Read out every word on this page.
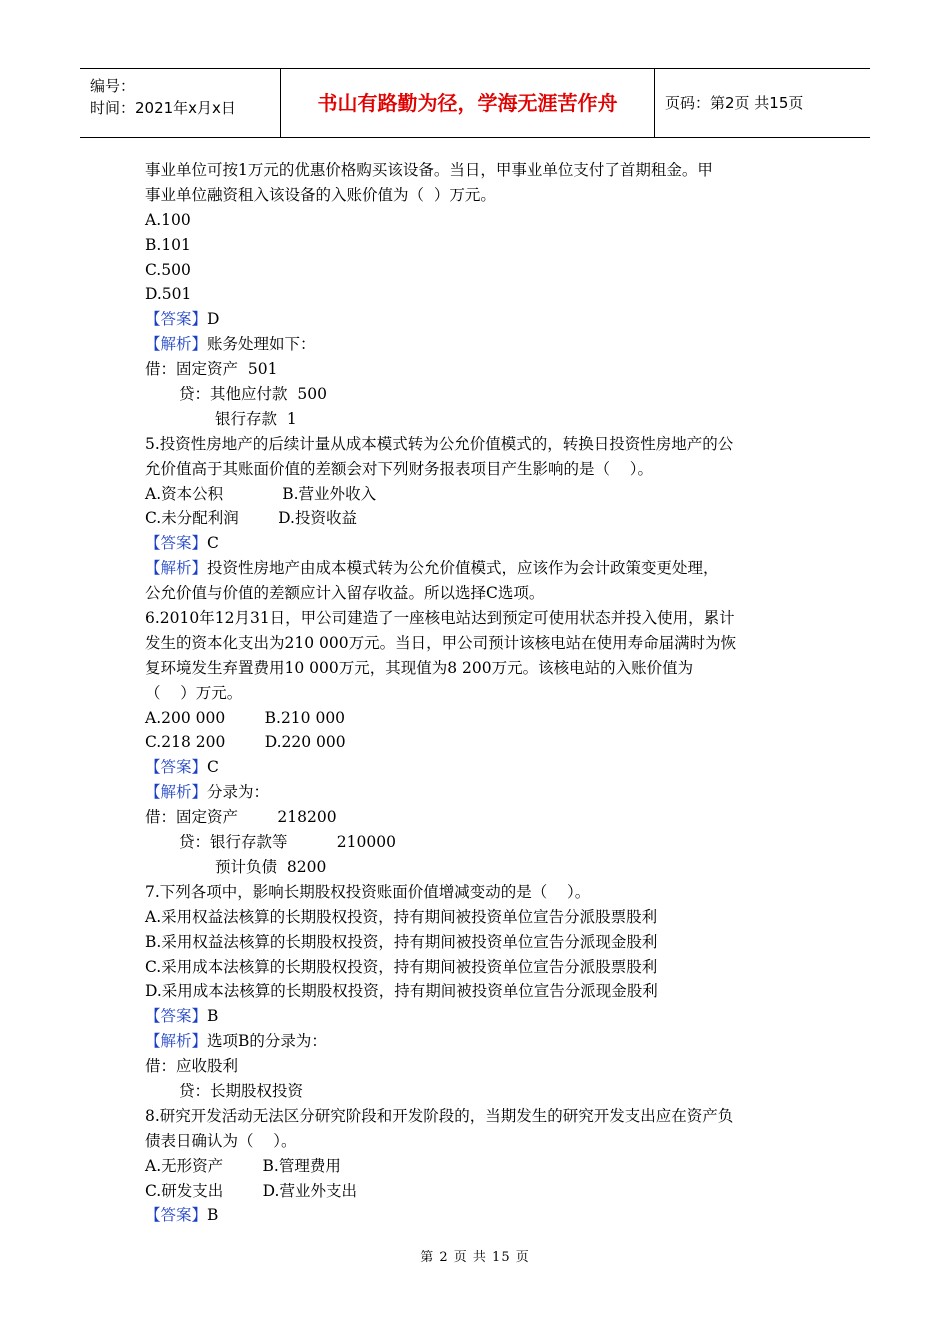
编号：
时间：2021年x月x日	书山有路勤为径，学海无涯苦作舟	页码：第2页 共15页
事业单位可按1万元的优惠价格购买该设备。当日，甲事业单位支付了首期租金。甲
事业单位融资租入该设备的入账价值为（  ）万元。
A.100
B.101
C.500
D.501
【答案】D
【解析】账务处理如下：
借：固定资产  501
贷：其他应付款  500
银行存款  1
5.投资性房地产的后续计量从成本模式转为公允价值模式的，转换日投资性房地产的公
允价值高于其账面价值的差额会对下列财务报表项目产生影响的是（    ）。
A.资本公积            B.营业外收入
C.未分配利润        D.投资收益
【答案】C
【解析】投资性房地产由成本模式转为公允价值模式，应该作为会计政策变更处理，
公允价值与价值的差额应计入留存收益。所以选择C选项。
6.2010年12月31日，甲公司建造了一座核电站达到预定可使用状态并投入使用，累计
发生的资本化支出为210 000万元。当日，甲公司预计该核电站在使用寿命届满时为恢
复环境发生弃置费用10 000万元，其现值为8 200万元。该核电站的入账价值为
（    ）万元。
A.200 000        B.210 000
C.218 200        D.220 000
【答案】C
【解析】分录为：
借：固定资产        218200
贷：银行存款等          210000
预计负债  8200
7.下列各项中，影响长期股权投资账面价值增减变动的是（    ）。
A.采用权益法核算的长期股权投资，持有期间被投资单位宣告分派股票股利
B.采用权益法核算的长期股权投资，持有期间被投资单位宣告分派现金股利
C.采用成本法核算的长期股权投资，持有期间被投资单位宣告分派股票股利
D.采用成本法核算的长期股权投资，持有期间被投资单位宣告分派现金股利
【答案】B
【解析】选项B的分录为：
借：应收股利
贷：长期股权投资
8.研究开发活动无法区分研究阶段和开发阶段的，当期发生的研究开发支出应在资产负
债表日确认为（    ）。
A.无形资产        B.管理费用
C.研发支出        D.营业外支出
【答案】B
第 2 页 共 15 页
